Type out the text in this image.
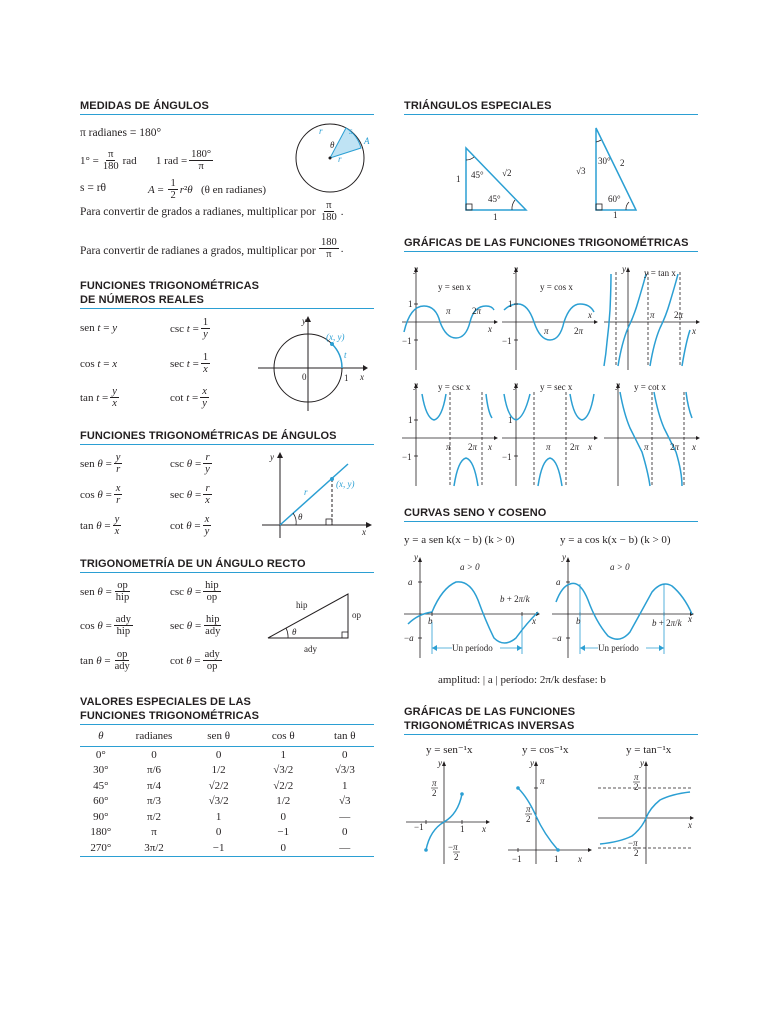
MEDIDAS DE ÁNGULOS
π radianes = 180°
$1^\circ = \frac{\pi}{180}$ rad       1 rad = $\frac{180^\circ}{\pi}$
s = rθ	$A = \frac{1}{2}$ r ² θ
(θ en radianes)
Para convertir de grados a radianes, multiplicar por $\frac{\pi}{180}$ .
Para convertir de radianes a grados, multiplicar por $\frac{180}{\pi}$ .
r	s
A
θ
r
FUNCIONES TRIGONOMÉTRICAS
DE NÚMEROS REALES
sen t = y	$\csc t = \frac{1}{y}$
cos t = x	$\sec t = \frac{1}{x}$
$\tan t = \frac{y}{x}$	$\cot t = \frac{x}{y}$
(x, y)
t
0	1 x
y
FUNCIONES TRIGONOMÉTRICAS DE ÁNGULOS
sen $\theta = \frac{y}{r}$	$\csc \theta = \frac{r}{y}$
$\cos \theta = \frac{x}{r}$	$\sec \theta = \frac{r}{x}$
$\tan \theta = \frac{y}{x}$	$\cot \theta = \frac{x}{y}$
(x, y)
r
θ
y
x
TRIGONOMETRÍA DE UN ÁNGULO RECTO
sen $\theta = \frac{op}{\text{hip}}$	$\csc \theta = \frac{\text{hip}}{op}$
$\cos \theta = \frac{\text{ady}}{\text{hip}}$	$\sec \theta = \frac{\text{hip}}{\text{ady}}$
$\tan \theta = \frac{op}{\text{ady}}$	$\cot \theta = \frac{\text{ady}}{op}$
θ
hip
op
ady
VALORES ESPECIALES DE LAS
FUNCIONES TRIGONOMÉTRICAS
θ	radianes	sen θ	cos θ	tan θ
0°	0	0	1	0
30°	π/6	1/2	√3/2	√3/3
45°	π/4	√2/2	√2/2	1
60°	π/3	√3/2	1/2	√3
90°	π/2	1	0	—
180°	π	0	−1	0
270°	3π/2	−1	0	—
TRIÁNGULOS ESPECIALES
45°
45°
1
√2
1
30°
60°
√3
2
1
GRÁFICAS DE LAS FUNCIONES TRIGONOMÉTRICAS
y
1
−1
π 2π
x
y = sen x
y
1
−1
π	2π
x
y = cos x
y
π 2π
x
y = tan x
y
1
−1
π 2π x
y = csc x	y
1
−1
π 2π x
y = sec x	y
π 2π x
y = cot x
CURVAS SENO Y COSENO
y = a sen k(x − b) (k > 0)	y = a cos k(x − b) (k > 0)
Un período
y
a
−a
b	x
a > 0
b + 2π/k
Un período
y
a
−a
b	x
a > 0
b + 2π/k
amplitud: | a | período: 2π/k desfase: b
GRÁFICAS DE LAS FUNCIONES
TRIGONOMÉTRICAS INVERSAS
y = sen⁻¹x	y = cos⁻¹x	y = tan⁻¹x
y
π
2
−1	1 x
−π
2
y
π
π
2
−1	1 x
y
π
2
−π
2
x
